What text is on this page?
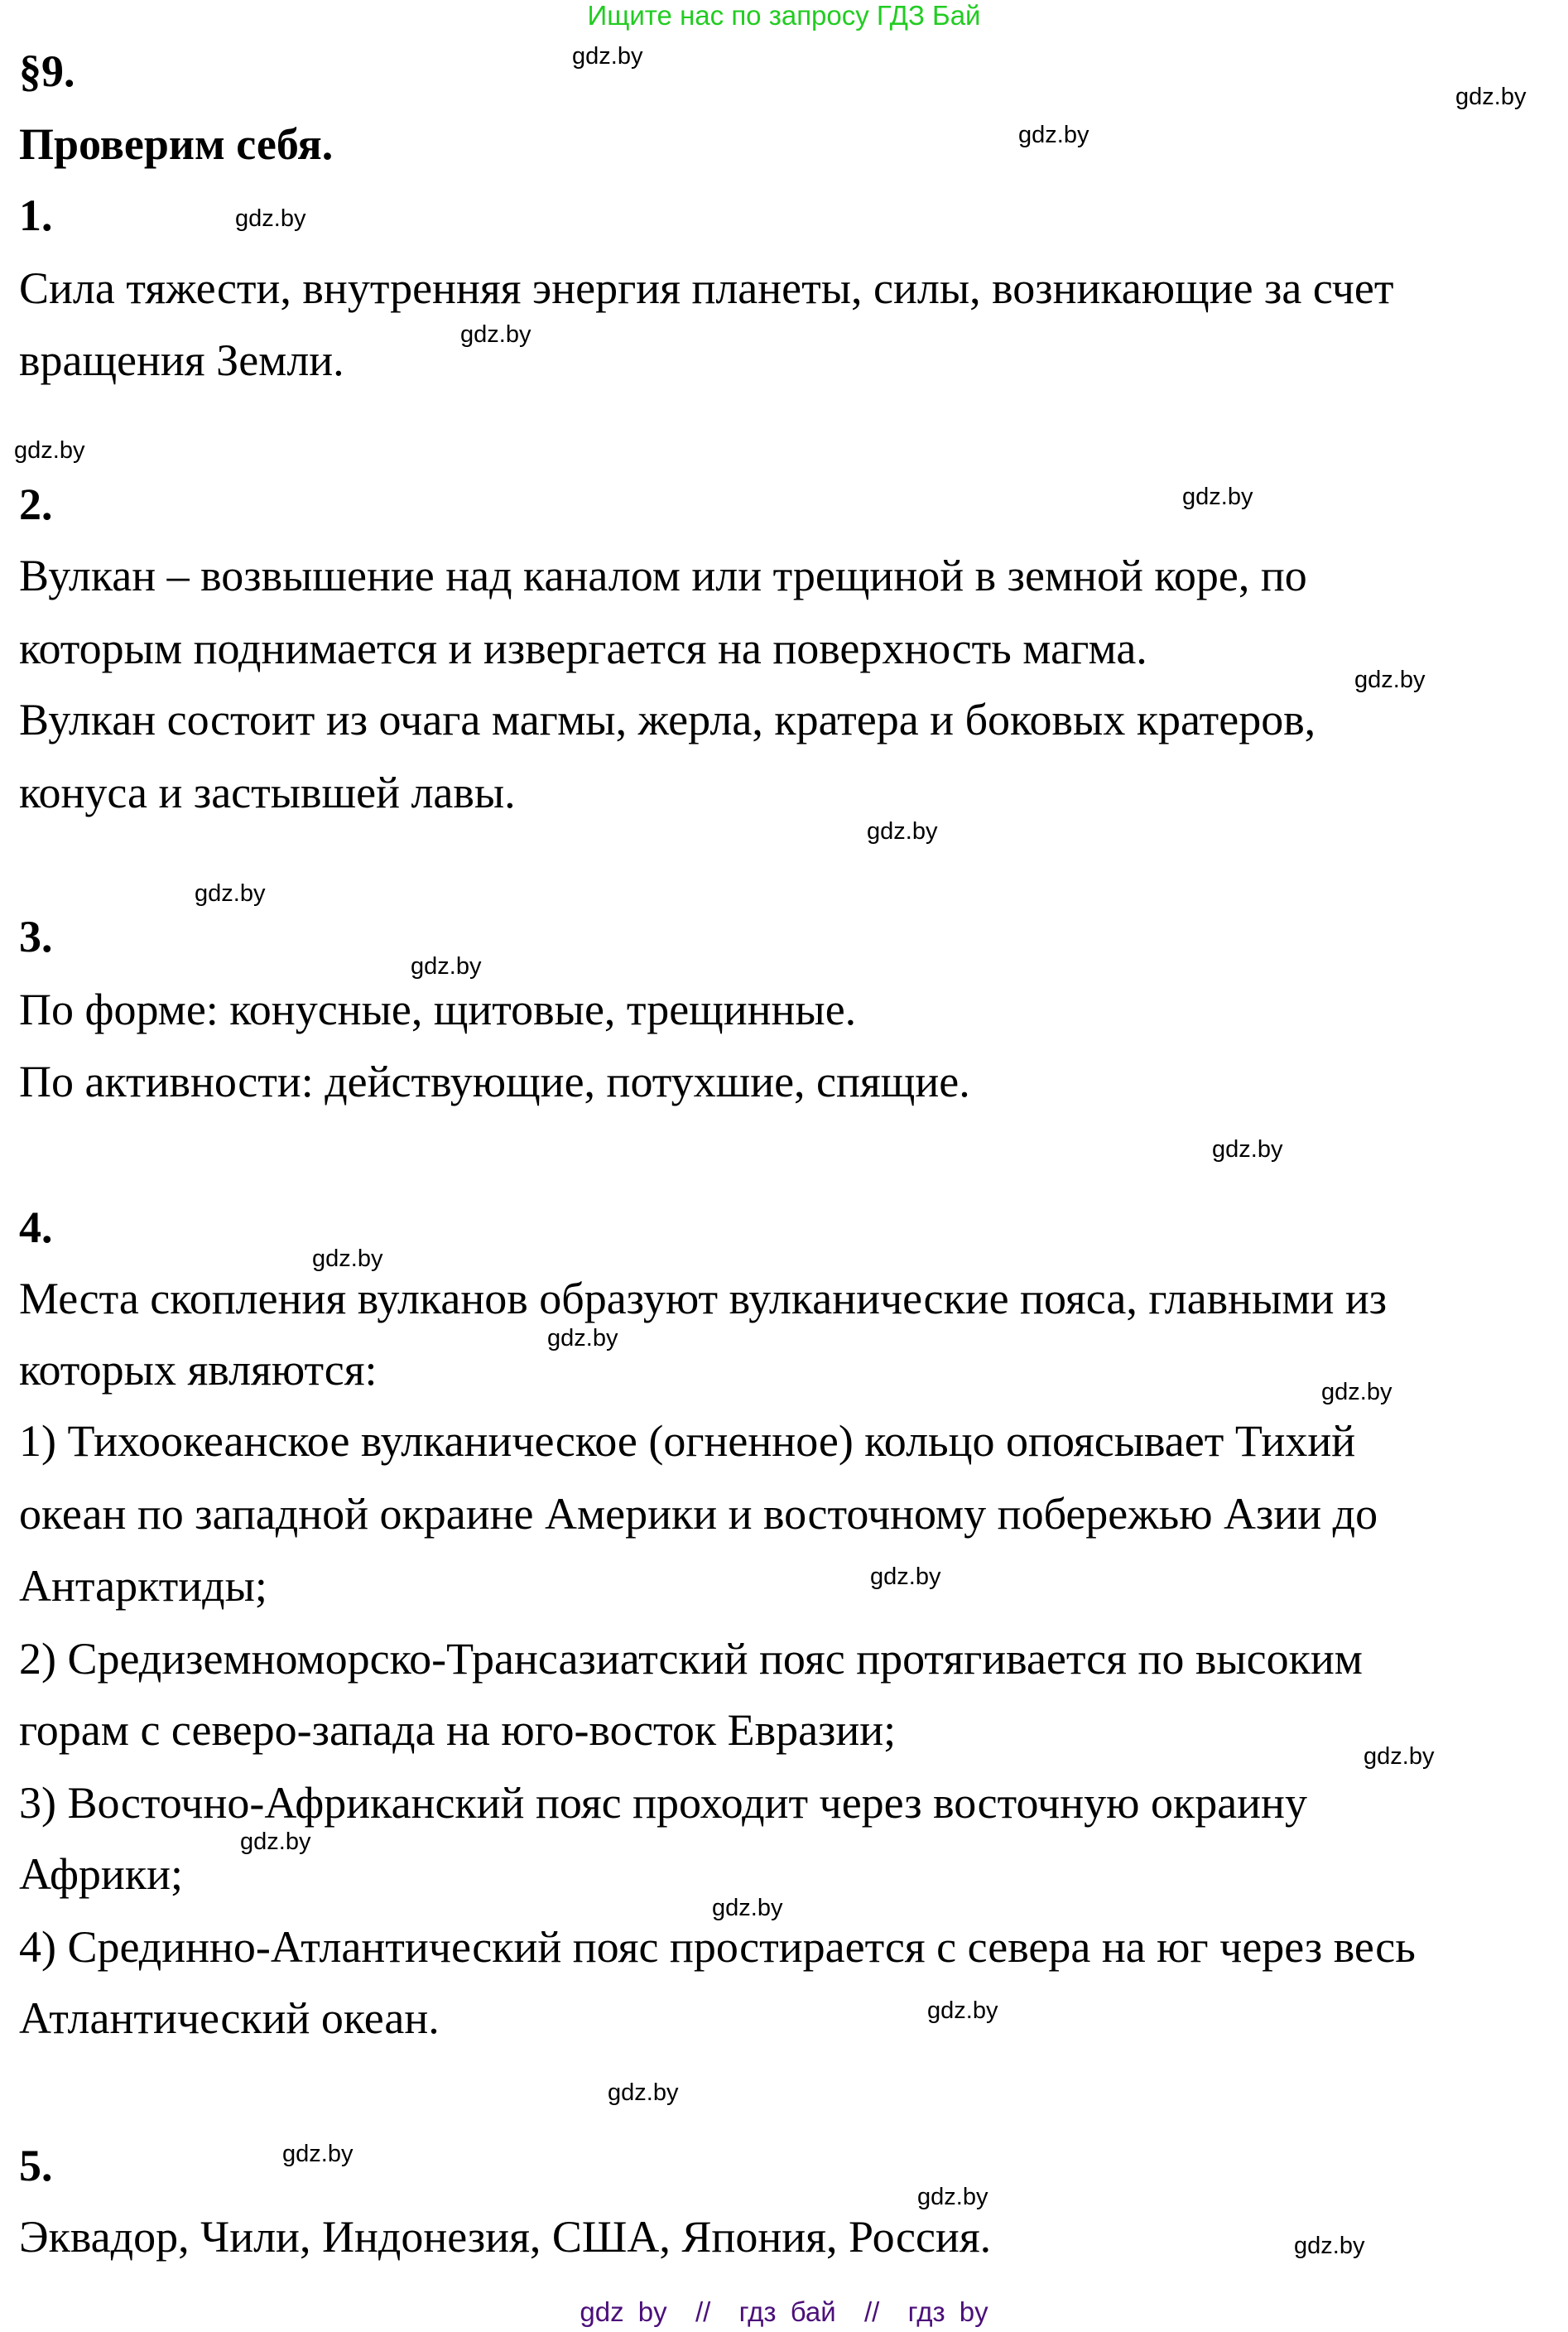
Ищите нас по запросу ГДЗ Бай
§9.
Проверим себя.
1.
Сила тяжести, внутренняя энергия планеты, силы, возникающие за счет
вращения Земли.
2.
Вулкан – возвышение над каналом или трещиной в земной коре, по
которым поднимается и извергается на поверхность магма.
Вулкан состоит из очага магмы, жерла, кратера и боковых кратеров,
конуса и застывшей лавы.
3.
По форме: конусные, щитовые, трещинные.
По активности: действующие, потухшие, спящие.
4.
Места скопления вулканов образуют вулканические пояса, главными из
которых являются:
1) Тихоокеанское вулканическое (огненное) кольцо опоясывает Тихий
океан по западной окраине Америки и восточному побережью Азии до
Антарктиды;
2) Средиземноморско-Трансазиатский пояс протягивается по высоким
горам с северо-запада на юго-восток Евразии;
3) Восточно-Африканский пояс проходит через восточную окраину
Африки;
4) Срединно-Атлантический пояс простирается с севера на юг через весь
Атлантический океан.
5.
Эквадор, Чили, Индонезия, США, Япония, Россия.
gdz.by
gdz.by
gdz.by
gdz.by
gdz.by
gdz.by
gdz.by
gdz.by
gdz.by
gdz.by
gdz.by
gdz.by
gdz.by
gdz.by
gdz.by
gdz.by
gdz.by
gdz.by
gdz.by
gdz.by
gdz.by
gdz.by
gdz.by
gdz.by
gdz by  //  гдз бай  //  гдз by
